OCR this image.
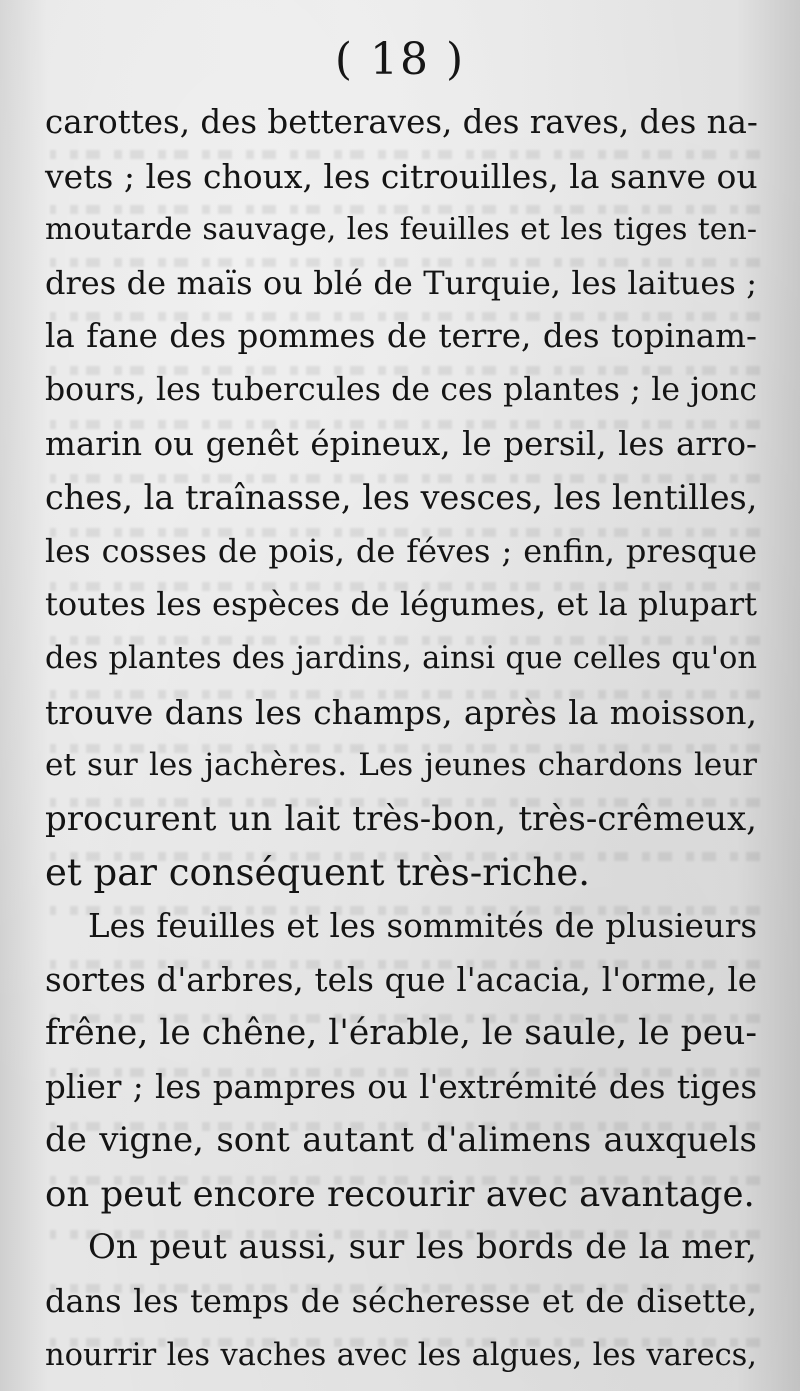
( 18 )
carottes, des betteraves, des raves, des na-
vets ; les choux, les citrouilles, la sanve ou
moutarde sauvage, les feuilles et les tiges ten-
dres de maïs ou blé de Turquie, les laitues ;
la fane des pommes de terre, des topinam-
bours, les tubercules de ces plantes ; le jonc
marin ou genêt épineux, le persil, les arro-
ches, la traînasse, les vesces, les lentilles,
les cosses de pois, de féves ; enfin, presque
toutes les espèces de légumes, et la plupart
des plantes des jardins, ainsi que celles qu'on
trouve dans les champs, après la moisson,
et sur les jachères. Les jeunes chardons leur
procurent un lait très-bon, très-crêmeux,
et par conséquent très-riche.
Les feuilles et les sommités de plusieurs
sortes d'arbres, tels que l'acacia, l'orme, le
frêne, le chêne, l'érable, le saule, le peu-
plier ; les pampres ou l'extrémité des tiges
de vigne, sont autant d'alimens auxquels
on peut encore recourir avec avantage.
On peut aussi, sur les bords de la mer,
dans les temps de sécheresse et de disette,
nourrir les vaches avec les algues, les varecs,
